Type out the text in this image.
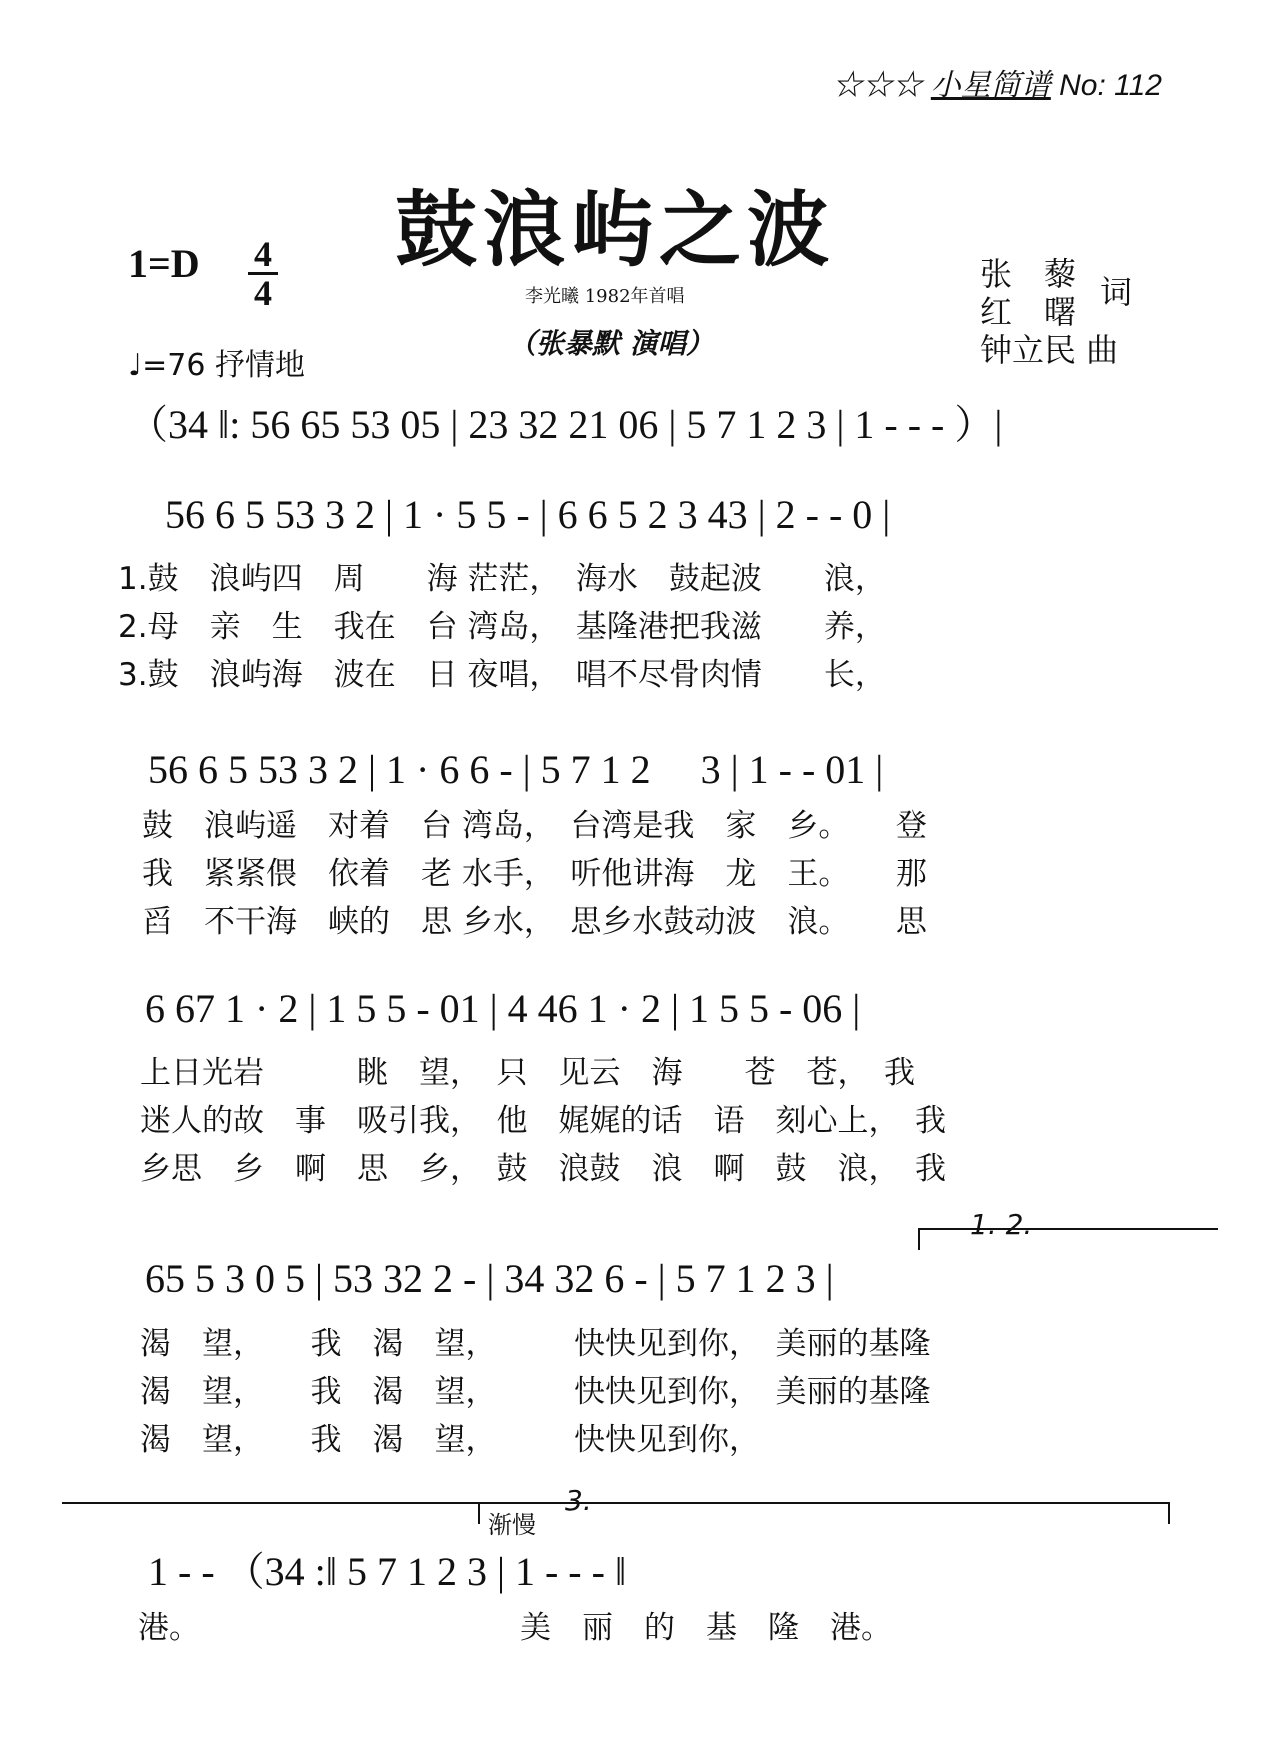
☆☆☆ 小星简谱 No: 112
鼓浪屿之波
1=D 4
4
♩=76 抒情地
李光曦 1982年首唱
（张暴默 演唱）
张　藜
红　曙
词
钟立民 曲
（34 ‖: 56 65 53 05 | 23 32 21 06 | 5 7 1 2 3 | 1 - - - ）|
56 6 5 53 3 2 | 1 · 5 5 - | 6 6 5 2 3 43 | 2 - - 0 |
1.鼓　浪屿四　周　　海 茫茫，　海水　鼓起波　　浪，
2.母　亲　生　我在　台 湾岛，　基隆港把我滋　　养，
3.鼓　浪屿海　波在　日 夜唱，　唱不尽骨肉情　　长，
56 6 5 53 3 2 | 1 · 6 6 - | 5 7 1 2 　3 | 1 - - 01 |
鼓　浪屿遥　对着　台 湾岛，　台湾是我　家　乡。　　登
我　紧紧偎　依着　老 水手，　听他讲海　龙　王。　　那
舀　不干海　峡的　思 乡水，　思乡水鼓动波　浪。　　思
6 67 1 · 2 | 1 5 5 - 01 | 4 46 1 · 2 | 1 5 5 - 06 |
上日光岩　　　眺　望，　只　见云　海　　苍　苍，　我
迷人的故　事　吸引我，　他　娓娓的话　语　刻心上，　我
乡思　乡　啊　思　乡，　鼓　浪鼓　浪　啊　鼓　浪，　我
1. 2.
65 5 3 0 5 | 53 32 2 - | 34 32 6 - | 5 7 1 2 3 |
渴　望，　　我　渴　望，　　　快快见到你，　美丽的基隆
渴　望，　　我　渴　望，　　　快快见到你，　美丽的基隆
渴　望，　　我　渴　望，　　　快快见到你，
3.
渐慢
1 - - （34 :‖ 5 7 1 2 3 | 1 - - - ‖
港。	美　丽　的　基　隆　港。
